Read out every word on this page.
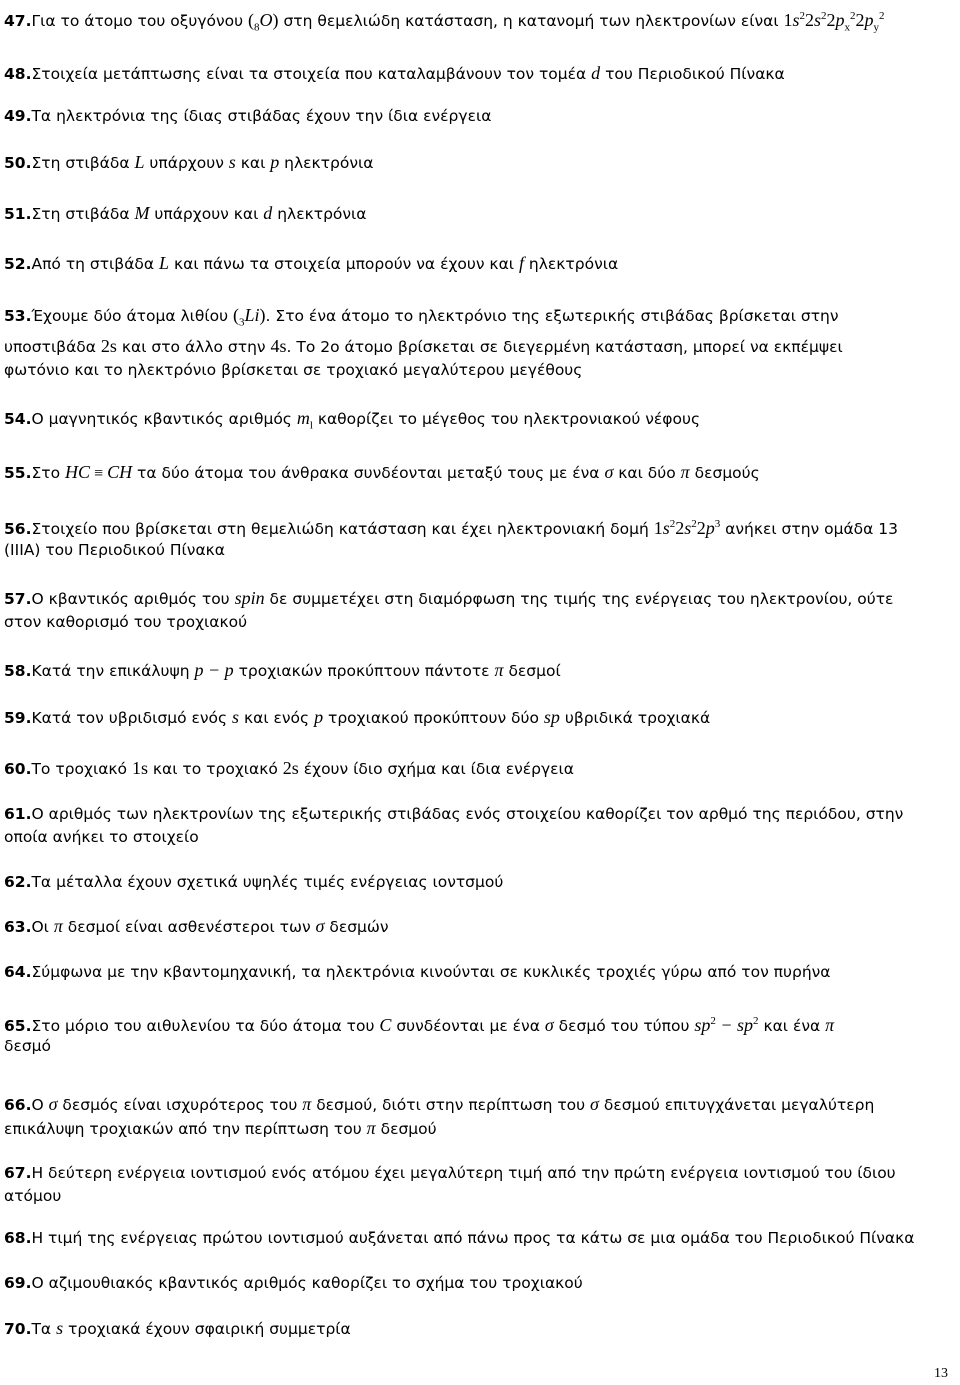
47.Για το άτομο του οξυγόνου $(_8O)$ στη θεμελιώδη κατάσταση, η κατανομή των ηλεκτρονίων είναι $1s^22s^22p_x^22p_y^2$
48.Στοιχεία μετάπτωσης είναι τα στοιχεία που καταλαμβάνουν τον τομέα d του Περιοδικού Πίνακα
49.Τα ηλεκτρόνια της ίδιας στιβάδας έχουν την ίδια ενέργεια
50.Στη στιβάδα L υπάρχουν s και p ηλεκτρόνια
51.Στη στιβάδα M υπάρχουν και d ηλεκτρόνια
52.Από τη στιβάδα L και πάνω τα στοιχεία μπορούν να έχουν και f ηλεκτρόνια
53.Έχουμε δύο άτομα λιθίου $(_3Li)$. Στο ένα άτομο το ηλεκτρόνιο της εξωτερικής στιβάδας βρίσκεται στην
υποστιβάδα 2s και στο άλλο στην 4s. Το 2ο άτομο βρίσκεται σε διεγερμένη κατάσταση, μπορεί να εκπέμψει
φωτόνιο και το ηλεκτρόνιο βρίσκεται σε τροχιακό μεγαλύτερου μεγέθους
54.Ο μαγνητικός κβαντικός αριθμός $m_l$ καθορίζει το μέγεθος του ηλεκτρονιακού νέφους
55.Στο HC ≡ CH τα δύο άτομα του άνθρακα συνδέονται μεταξύ τους με ένα σ και δύο π δεσμούς
56.Στοιχείο που βρίσκεται στη θεμελιώδη κατάσταση και έχει ηλεκτρονιακή δομή $1s^22s^22p^3$ ανήκει στην ομάδα 13
(ΙΙΙΑ) του Περιοδικού Πίνακα
57.Ο κβαντικός αριθμός του spin δε συμμετέχει στη διαμόρφωση της τιμής της ενέργειας του ηλεκτρονίου, ούτε
στον καθορισμό του τροχιακού
58.Κατά την επικάλυψη p − p τροχιακών προκύπτουν πάντοτε π δεσμοί
59.Κατά τον υβριδισμό ενός s και ενός p τροχιακού προκύπτουν δύο sp υβριδικά τροχιακά
60.Το τροχιακό 1s και το τροχιακό 2s έχουν ίδιο σχήμα και ίδια ενέργεια
61.Ο αριθμός των ηλεκτρονίων της εξωτερικής στιβάδας ενός στοιχείου καθορίζει τον αρθμό της περιόδου, στην
οποία ανήκει το στοιχείο
62.Τα μέταλλα έχουν σχετικά υψηλές τιμές ενέργειας ιοντσμού
63.Οι π δεσμοί είναι ασθενέστεροι των σ δεσμών
64.Σύμφωνα με την κβαντομηχανική, τα ηλεκτρόνια κινούνται σε κυκλικές τροχιές γύρω από τον πυρήνα
65.Στο μόριο του αιθυλενίου τα δύο άτομα του C συνδέονται με ένα σ δεσμό του τύπου $sp^2 - sp^2$ και ένα π
δεσμό
66.Ο σ δεσμός είναι ισχυρότερος του π δεσμού, διότι στην περίπτωση του σ δεσμού επιτυγχάνεται μεγαλύτερη
επικάλυψη τροχιακών από την περίπτωση του π δεσμού
67.Η δεύτερη ενέργεια ιοντισμού ενός ατόμου έχει μεγαλύτερη τιμή από την πρώτη ενέργεια ιοντισμού του ίδιου
ατόμου
68.Η τιμή της ενέργειας πρώτου ιοντισμού αυξάνεται από πάνω προς τα κάτω σε μια ομάδα του Περιοδικού Πίνακα
69.Ο αζιμουθιακός κβαντικός αριθμός καθορίζει το σχήμα του τροχιακού
70.Τα s τροχιακά έχουν σφαιρική συμμετρία
13
